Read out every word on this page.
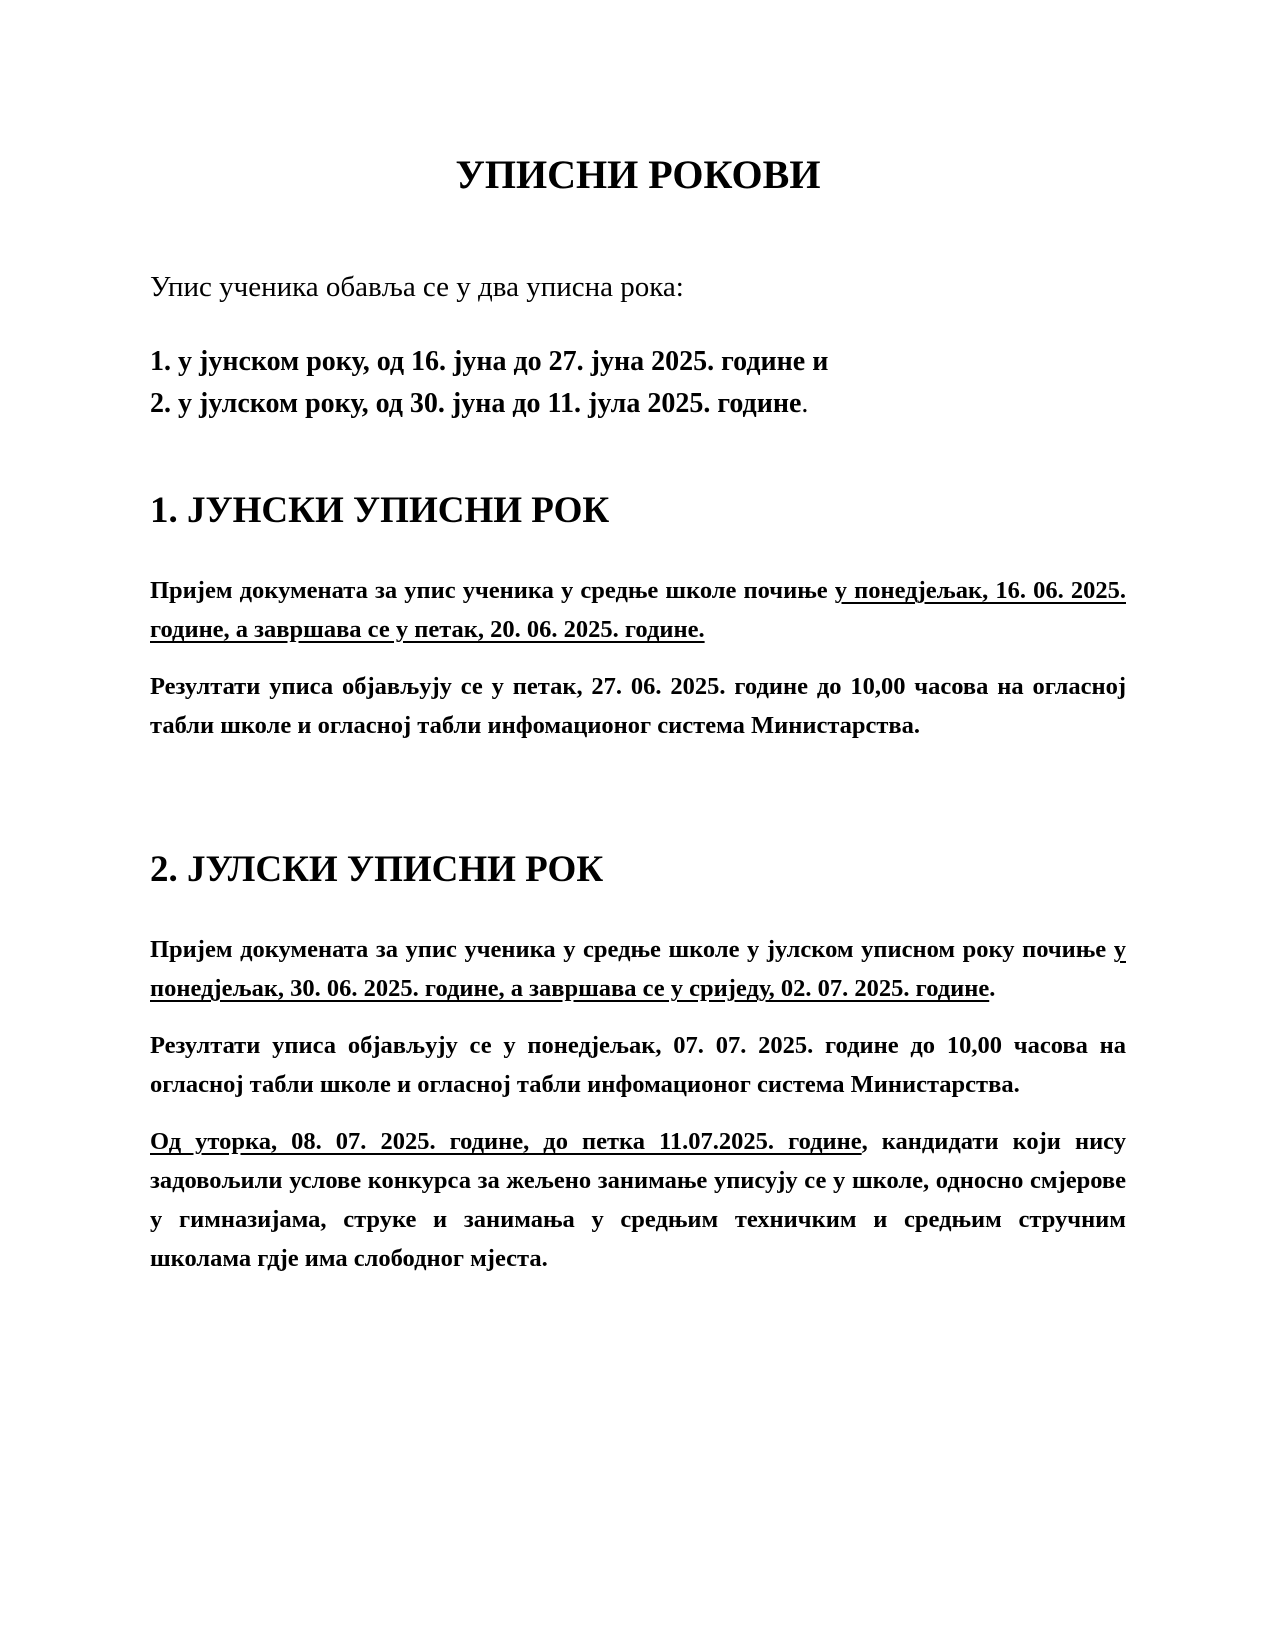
УПИСНИ РОКОВИ

Упис ученика обавља се у два уписна рока:

1. у јунском року, од 16. јуна до 27. јуна 2025. године и
2. у јулском року, од 30. јуна до 11. јула 2025. године.
1. ЈУНСКИ УПИСНИ РОК

Пријем докумената за упис ученика у средње школе почиње у понедјељак, 16. 06. 2025. године, а завршава се у петак, 20. 06. 2025. године.

Резултати уписа објављују се у петак, 27. 06. 2025. године до 10,00 часова на огласној табли школе и огласној табли инфомационог система Министарства.

2. ЈУЛСКИ УПИСНИ РОК

Пријем докумената за упис ученика у средње школе у јулском уписном року почиње у понедјељак, 30. 06. 2025. године, а завршава се у сриједу, 02. 07. 2025. године.

Резултати уписа објављују се у понедјељак, 07. 07. 2025. године до 10,00 часова на огласној табли школе и огласној табли инфомационог система Министарства.

Од уторка, 08. 07. 2025. године, до петка 11.07.2025. године, кандидати који нису задовољили услове конкурса за жељено занимање уписују се у школе, односно смјерове у гимназијама, струке и занимања у средњим техничким и средњим стручним школама гдје има слободног мјеста.
